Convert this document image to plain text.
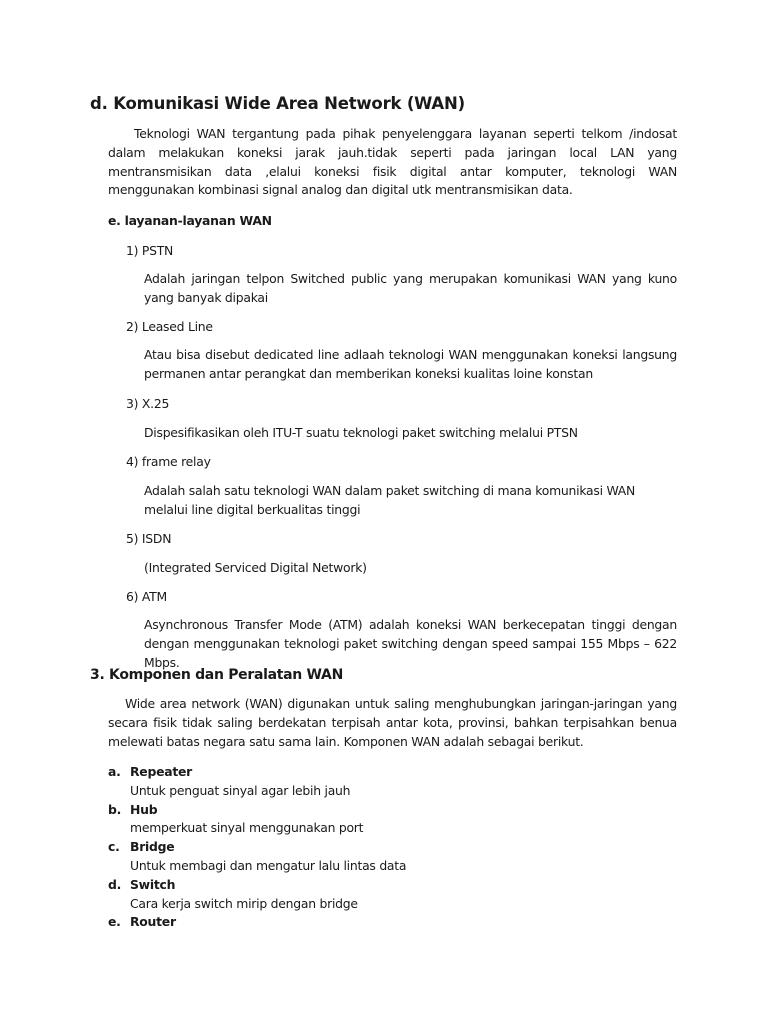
d. Komunikasi Wide Area Network (WAN)
Teknologi WAN tergantung pada pihak penyelenggara layanan seperti telkom /indosat dalam melakukan koneksi jarak jauh.tidak seperti pada jaringan local LAN yang mentransmisikan data ,elalui koneksi fisik digital antar komputer, teknologi WAN menggunakan kombinasi signal analog dan digital utk mentransmisikan data.
e. layanan-layanan WAN
1) PSTN
Adalah jaringan telpon Switched public yang merupakan komunikasi WAN yang kuno yang banyak dipakai
2) Leased Line
Atau bisa disebut dedicated line adlaah teknologi WAN menggunakan koneksi langsung permanen antar perangkat dan memberikan koneksi kualitas loine konstan
3) X.25
Dispesifikasikan oleh ITU-T suatu teknologi paket switching melalui PTSN
4) frame relay
Adalah salah satu teknologi WAN dalam paket switching di mana komunikasi WAN melalui line digital berkualitas tinggi
5) ISDN
(Integrated Serviced Digital Network)
6) ATM
Asynchronous Transfer Mode (ATM) adalah koneksi WAN berkecepatan tinggi dengan dengan menggunakan teknologi paket switching dengan speed sampai 155 Mbps – 622 Mbps.
3. Komponen dan Peralatan WAN
Wide area network (WAN) digunakan untuk saling menghubungkan jaringan-jaringan yang secara fisik tidak saling berdekatan terpisah antar kota, provinsi, bahkan terpisahkan benua melewati batas negara satu sama lain. Komponen WAN adalah sebagai berikut.
a. Repeater
Untuk penguat sinyal agar lebih jauh
b. Hub
memperkuat sinyal menggunakan port
c. Bridge
Untuk membagi dan mengatur lalu lintas data
d. Switch
Cara kerja switch mirip dengan bridge
e. Router
